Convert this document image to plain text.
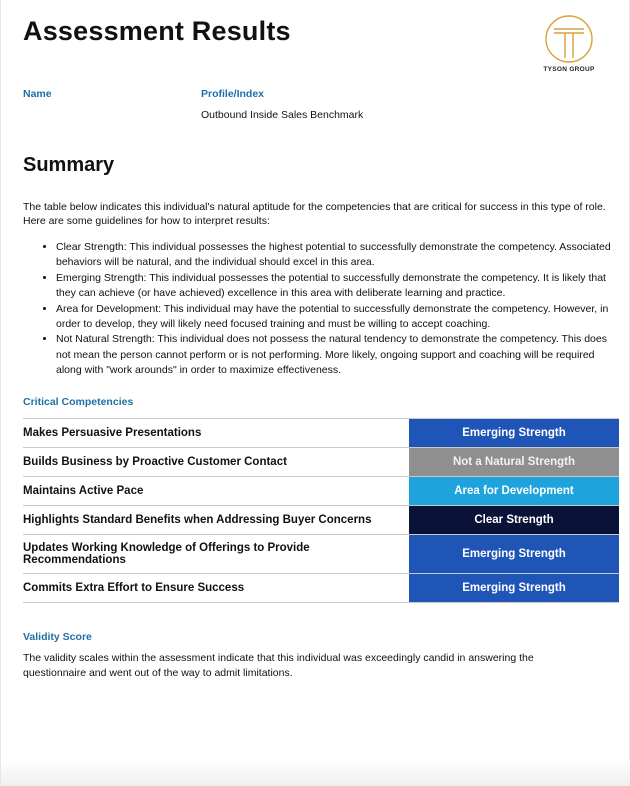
Assessment Results
TYSON GROUP
Name	Profile/Index
Outbound Inside Sales Benchmark
Summary

The table below indicates this individual's natural aptitude for the competencies that are critical for success in this type of role. Here are some guidelines for how to interpret results:

• Clear Strength: This individual possesses the highest potential to successfully demonstrate the competency. Associated behaviors will be natural, and the individual should excel in this area.
• Emerging Strength: This individual possesses the potential to successfully demonstrate the competency. It is likely that they can achieve (or have achieved) excellence in this area with deliberate learning and practice.
• Area for Development: This individual may have the potential to successfully demonstrate the competency. However, in order to develop, they will likely need focused training and must be willing to accept coaching.
• Not Natural Strength: This individual does not possess the natural tendency to demonstrate the competency. This does not mean the person cannot perform or is not performing. More likely, ongoing support and coaching will be required along with "work arounds" in order to maximize effectiveness.
Critical Competencies
Makes Persuasive Presentations	Emerging Strength
Builds Business by Proactive Customer Contact	Not a Natural Strength
Maintains Active Pace	Area for Development
Highlights Standard Benefits when Addressing Buyer Concerns	Clear Strength
Updates Working Knowledge of Offerings to Provide Recommendations	Emerging Strength
Commits Extra Effort to Ensure Success	Emerging Strength
Validity Score

The validity scales within the assessment indicate that this individual was exceedingly candid in answering the questionnaire and went out of the way to admit limitations.
